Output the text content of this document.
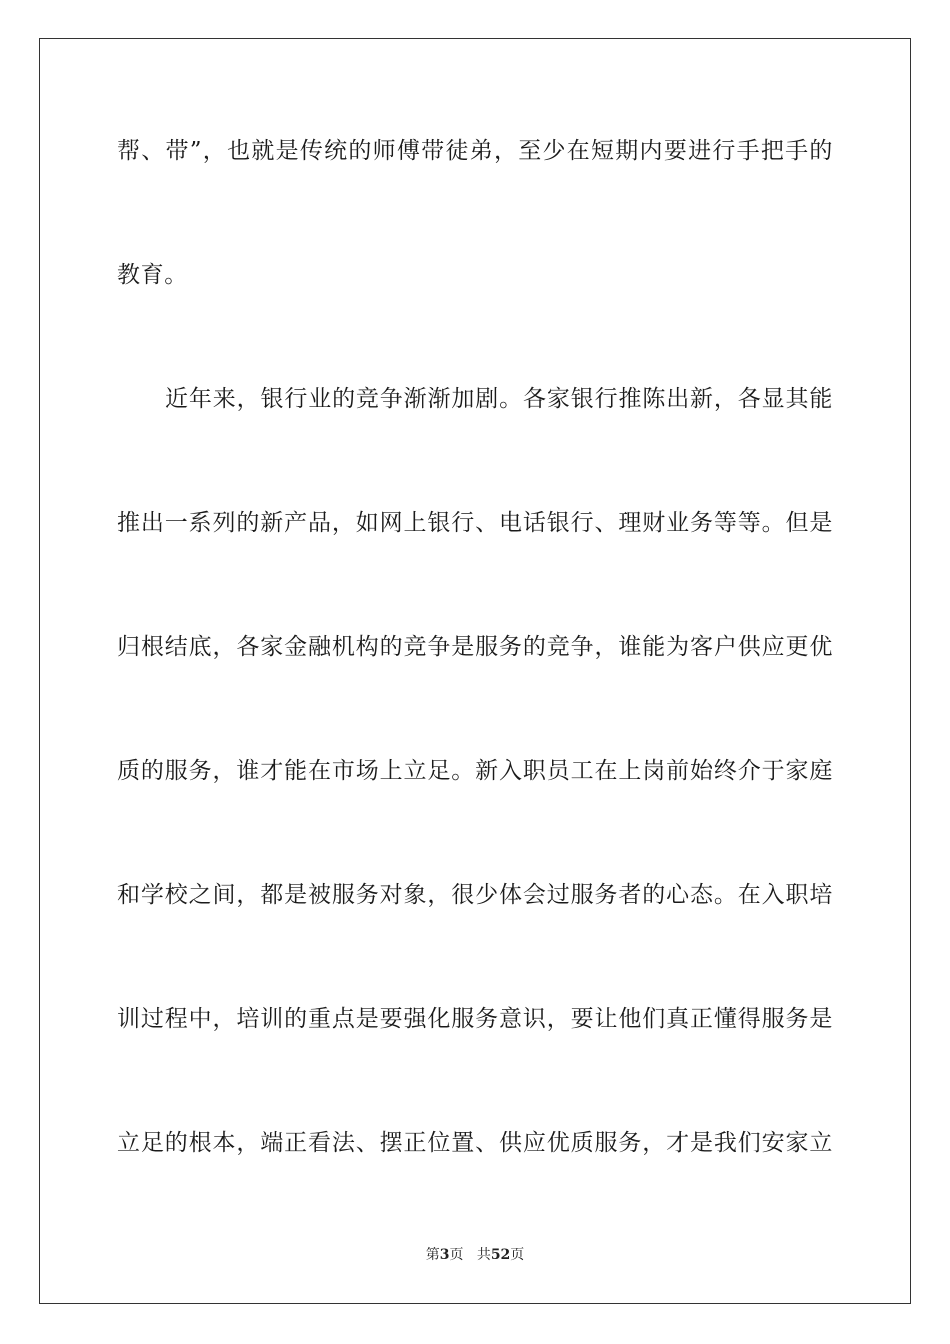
帮、带”，也就是传统的师傅带徒弟，至少在短期内要进行手把手的
教育。
近年来，银行业的竞争渐渐加剧。各家银行推陈出新，各显其能
推出一系列的新产品，如网上银行、电话银行、理财业务等等。但是
归根结底，各家金融机构的竞争是服务的竞争，谁能为客户供应更优
质的服务，谁才能在市场上立足。新入职员工在上岗前始终介于家庭
和学校之间，都是被服务对象，很少体会过服务者的心态。在入职培
训过程中，培训的重点是要强化服务意识，要让他们真正懂得服务是
立足的根本，端正看法、摆正位置、供应优质服务，才是我们安家立
第3页 共52页
